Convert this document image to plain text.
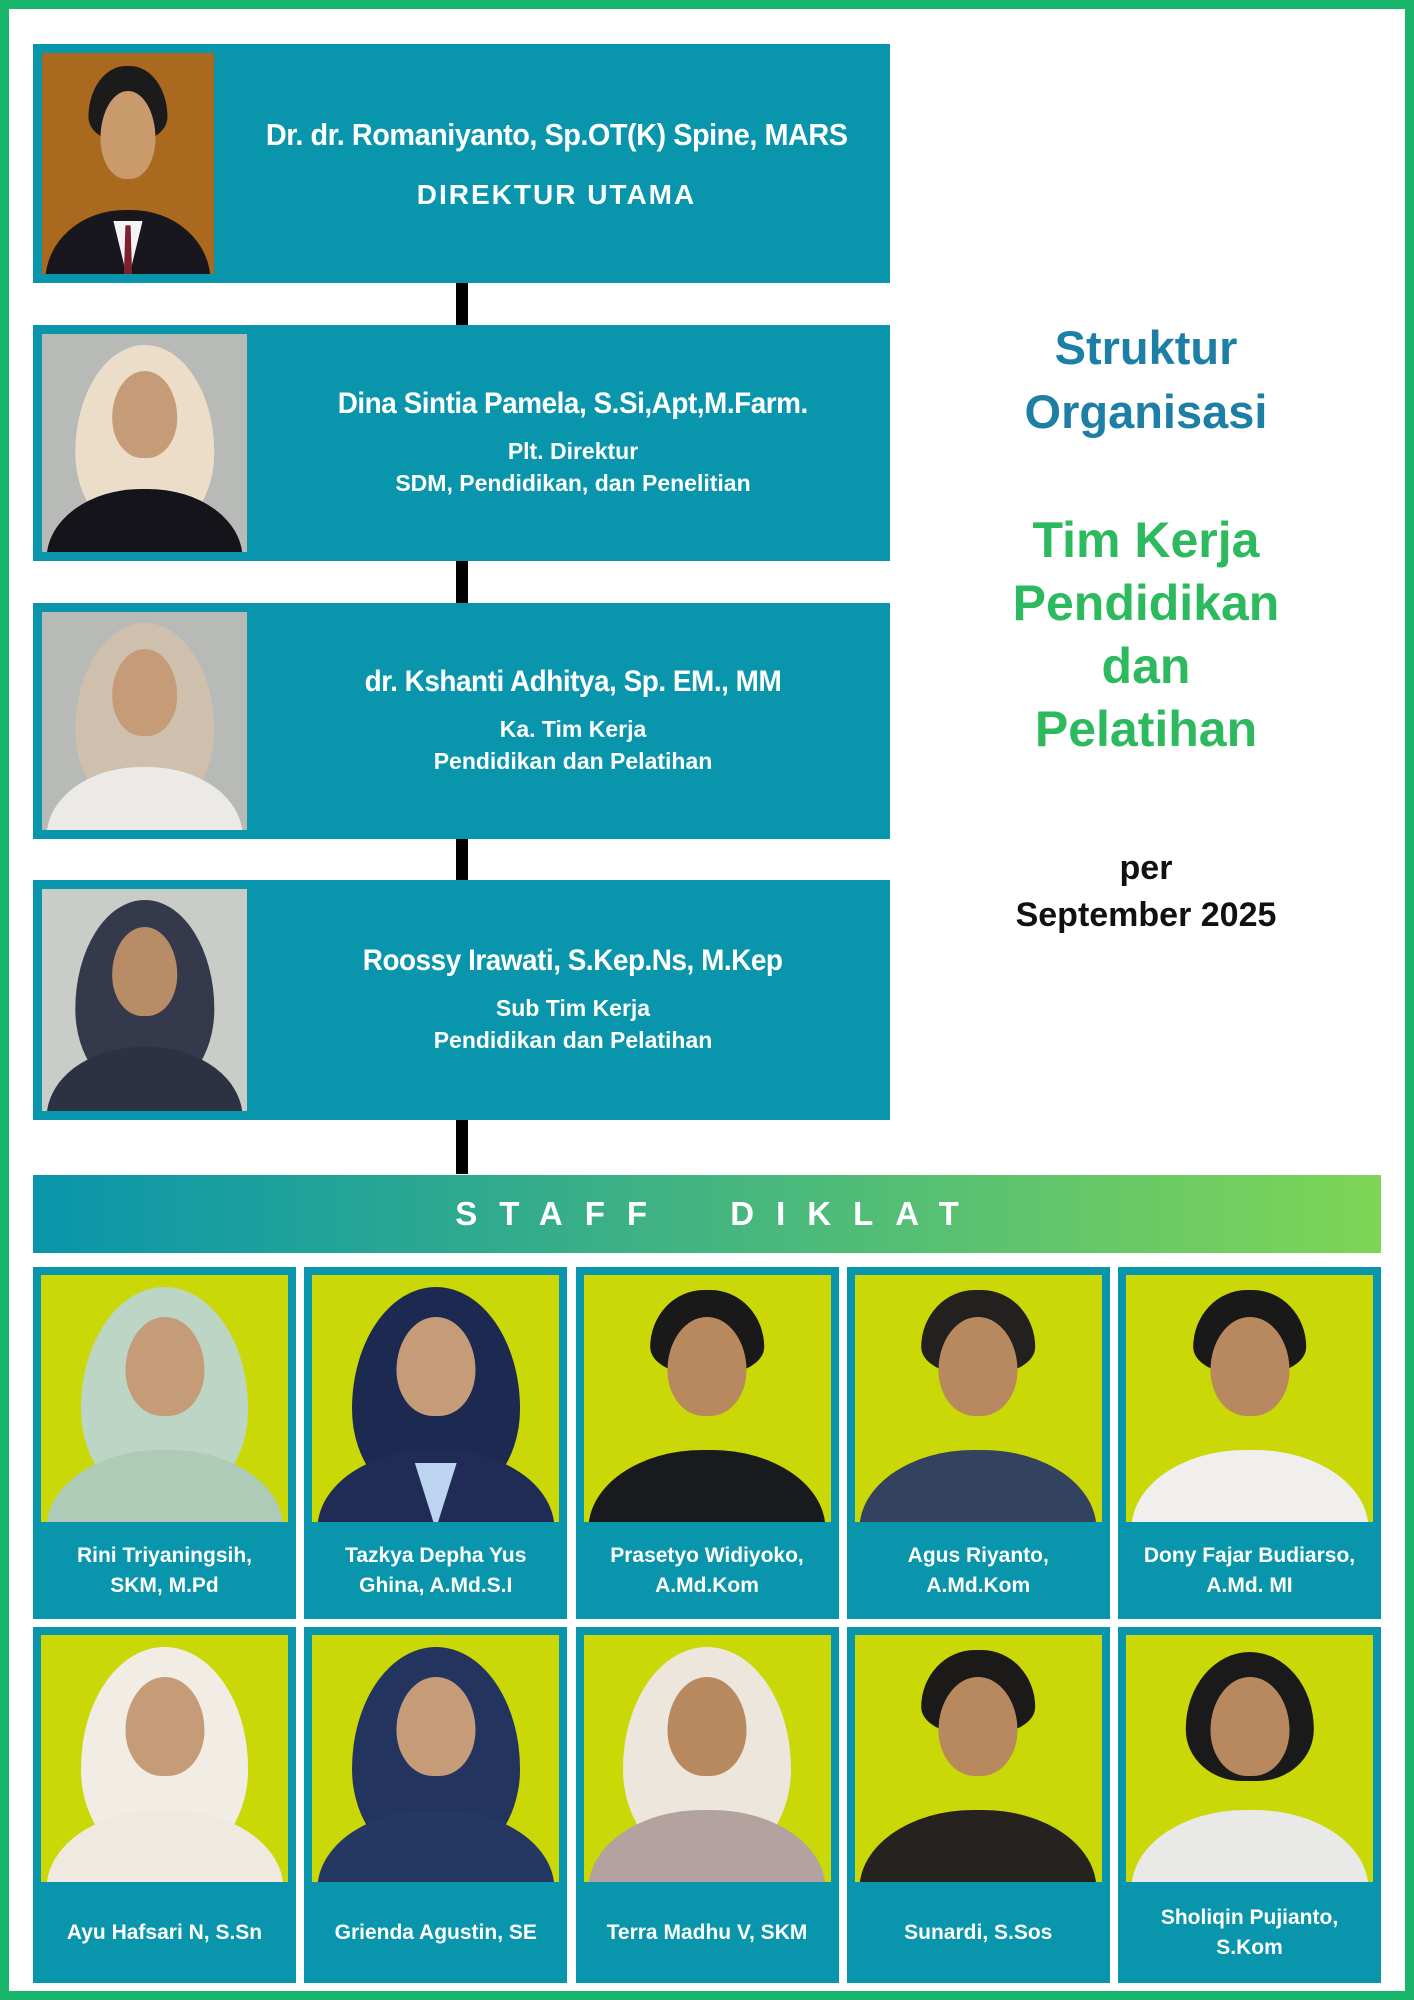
Dr. dr. Romaniyanto, Sp.OT(K) Spine, MARS
DIREKTUR UTAMA
Dina Sintia Pamela, S.Si,Apt,M.Farm.
Plt. Direktur
SDM, Pendidikan, dan Penelitian
dr. Kshanti Adhitya, Sp. EM., MM
Ka. Tim Kerja
Pendidikan dan Pelatihan
Roossy Irawati, S.Kep.Ns, M.Kep
Sub Tim Kerja
Pendidikan dan Pelatihan
Struktur
Organisasi
Tim Kerja
Pendidikan
dan
Pelatihan
per
September 2025
STAFF DIKLAT
Rini Triyaningsih,
SKM, M.Pd
Tazkya Depha Yus
Ghina, A.Md.S.I
Prasetyo Widiyoko,
A.Md.Kom
Agus Riyanto,
A.Md.Kom
Dony Fajar Budiarso,
A.Md. MI
Ayu Hafsari N, S.Sn	Grienda Agustin, SE	Terra Madhu V, SKM	Sunardi, S.Sos
Sholiqin Pujianto,
S.Kom
